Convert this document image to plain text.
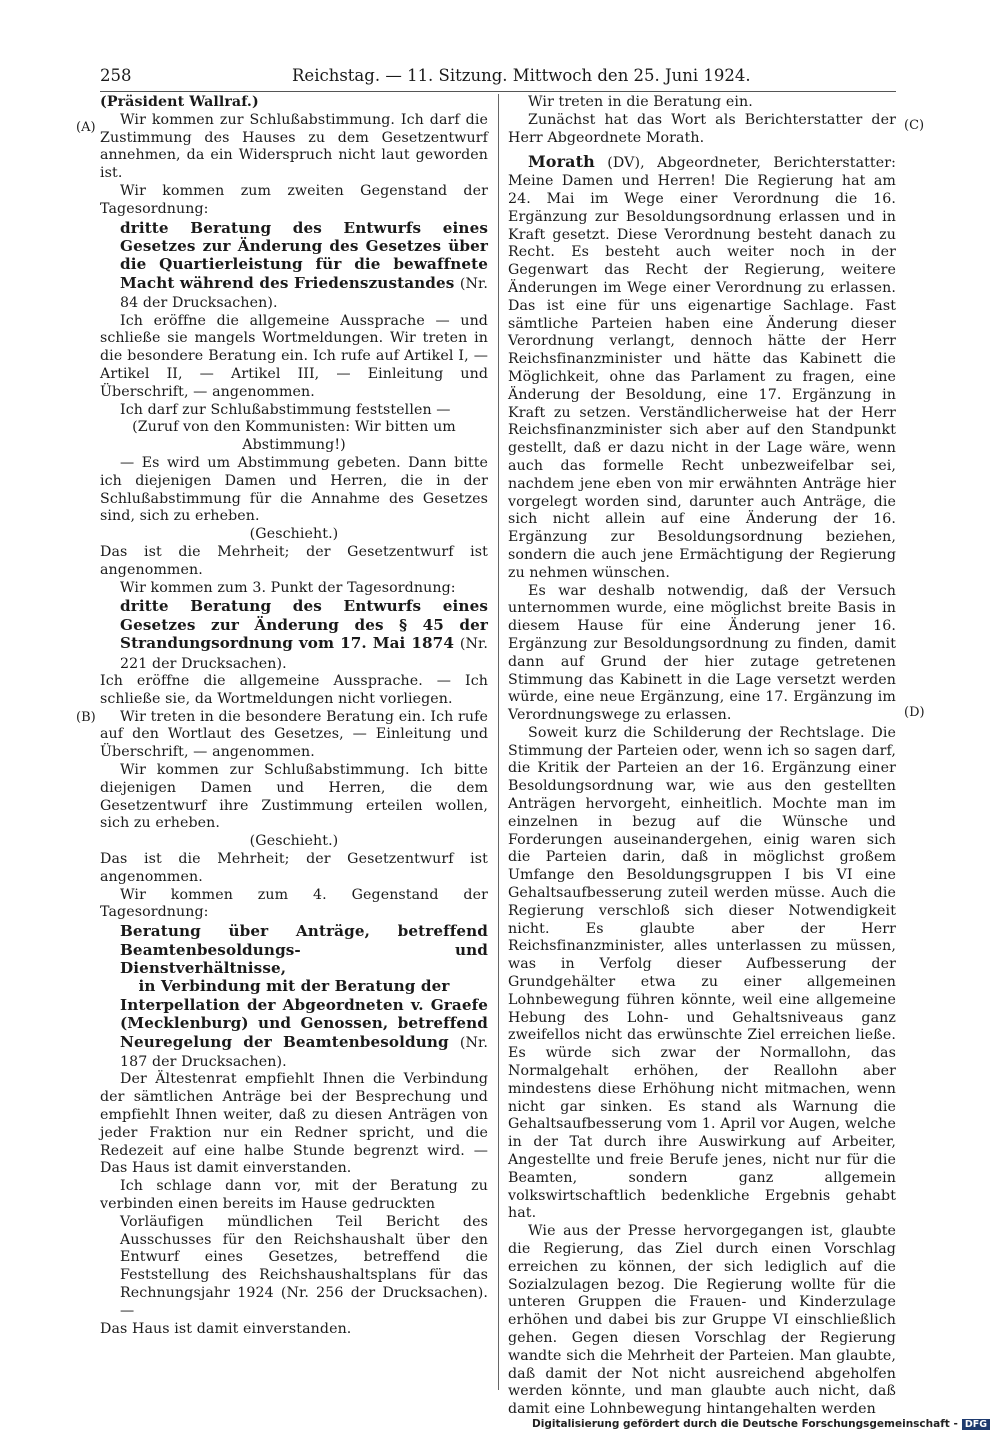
258	Reichstag. — 11. Sitzung. Mittwoch den 25. Juni 1924.
(A)
(B)
(C)
(D)

(Präsident Wallraf.)

Wir kommen zur Schlußabstimmung. Ich darf die Zustimmung des Hauses zu dem Gesetzentwurf annehmen, da ein Widerspruch nicht laut geworden ist.

Wir kommen zum zweiten Gegenstand der Tagesordnung:

dritte Beratung des Entwurfs eines Gesetzes zur Änderung des Gesetzes über die Quartierleistung für die bewaffnete Macht während des Friedenszustandes (Nr. 84 der Drucksachen).

Ich eröffne die allgemeine Aussprache — und schließe sie mangels Wortmeldungen. Wir treten in die besondere Beratung ein. Ich rufe auf Artikel I, — Artikel II, — Artikel III, — Einleitung und Überschrift, — angenommen.

Ich darf zur Schlußabstimmung feststellen —

(Zuruf von den Kommunisten: Wir bitten um Abstimmung!)

— Es wird um Abstimmung gebeten. Dann bitte ich diejenigen Damen und Herren, die in der Schlußabstimmung für die Annahme des Gesetzes sind, sich zu erheben.

(Geschieht.)

Das ist die Mehrheit; der Gesetzentwurf ist angenommen.

Wir kommen zum 3. Punkt der Tagesordnung:

dritte Beratung des Entwurfs eines Gesetzes zur Änderung des § 45 der Strandungsordnung vom 17. Mai 1874 (Nr. 221 der Drucksachen).

Ich eröffne die allgemeine Aussprache. — Ich schließe sie, da Wortmeldungen nicht vorliegen.

Wir treten in die besondere Beratung ein. Ich rufe auf den Wortlaut des Gesetzes, — Einleitung und Überschrift, — angenommen.

Wir kommen zur Schlußabstimmung. Ich bitte diejenigen Damen und Herren, die dem Gesetzentwurf ihre Zustimmung erteilen wollen, sich zu erheben.

(Geschieht.)

Das ist die Mehrheit; der Gesetzentwurf ist angenommen.

Wir kommen zum 4. Gegenstand der Tagesordnung:

Beratung über Anträge, betreffend Beamtenbesoldungs- und Dienstverhältnisse,

in Verbindung mit der Beratung der

Interpellation der Abgeordneten v. Graefe (Mecklenburg) und Genossen, betreffend Neuregelung der Beamtenbesoldung (Nr. 187 der Drucksachen).

Der Ältestenrat empfiehlt Ihnen die Verbindung der sämtlichen Anträge bei der Besprechung und empfiehlt Ihnen weiter, daß zu diesen Anträgen von jeder Fraktion nur ein Redner spricht, und die Redezeit auf eine halbe Stunde begrenzt wird. — Das Haus ist damit einverstanden.

Ich schlage dann vor, mit der Beratung zu verbinden einen bereits im Hause gedruckten

Vorläufigen mündlichen Teil Bericht des Ausschusses für den Reichshaushalt über den Entwurf eines Gesetzes, betreffend die Feststellung des Reichshaushaltsplans für das Rechnungsjahr 1924 (Nr. 256 der Drucksachen). —

Das Haus ist damit einverstanden.

Wir treten in die Beratung ein.

Zunächst hat das Wort als Berichterstatter der Herr Abgeordnete Morath.

Morath (DV), Abgeordneter, Berichterstatter: Meine Damen und Herren! Die Regierung hat am 24. Mai im Wege einer Verordnung die 16. Ergänzung zur Besoldungsordnung erlassen und in Kraft gesetzt. Diese Verordnung besteht danach zu Recht. Es besteht auch weiter noch in der Gegenwart das Recht der Regierung, weitere Änderungen im Wege einer Verordnung zu erlassen. Das ist eine für uns eigenartige Sachlage. Fast sämtliche Parteien haben eine Änderung dieser Verordnung verlangt, dennoch hätte der Herr Reichsfinanzminister und hätte das Kabinett die Möglichkeit, ohne das Parlament zu fragen, eine Änderung der Besoldung, eine 17. Ergänzung in Kraft zu setzen. Verständlicherweise hat der Herr Reichsfinanzminister sich aber auf den Standpunkt gestellt, daß er dazu nicht in der Lage wäre, wenn auch das formelle Recht unbezweifelbar sei, nachdem jene eben von mir erwähnten Anträge hier vorgelegt worden sind, darunter auch Anträge, die sich nicht allein auf eine Änderung der 16. Ergänzung zur Besoldungsordnung beziehen, sondern die auch jene Ermächtigung der Regierung zu nehmen wünschen.

Es war deshalb notwendig, daß der Versuch unternommen wurde, eine möglichst breite Basis in diesem Hause für eine Änderung jener 16. Ergänzung zur Besoldungsordnung zu finden, damit dann auf Grund der hier zutage getretenen Stimmung das Kabinett in die Lage versetzt werden würde, eine neue Ergänzung, eine 17. Ergänzung im Verordnungswege zu erlassen.

Soweit kurz die Schilderung der Rechtslage. Die Stimmung der Parteien oder, wenn ich so sagen darf, die Kritik der Parteien an der 16. Ergänzung einer Besoldungsordnung war, wie aus den gestellten Anträgen hervorgeht, einheitlich. Mochte man im einzelnen in bezug auf die Wünsche und Forderungen auseinandergehen, einig waren sich die Parteien darin, daß in möglichst großem Umfange den Besoldungsgruppen I bis VI eine Gehaltsaufbesserung zuteil werden müsse. Auch die Regierung verschloß sich dieser Notwendigkeit nicht. Es glaubte aber der Herr Reichsfinanzminister, alles unterlassen zu müssen, was in Verfolg dieser Aufbesserung der Grundgehälter etwa zu einer allgemeinen Lohnbewegung führen könnte, weil eine allgemeine Hebung des Lohn- und Gehaltsniveaus ganz zweifellos nicht das erwünschte Ziel erreichen ließe. Es würde sich zwar der Normallohn, das Normalgehalt erhöhen, der Reallohn aber mindestens diese Erhöhung nicht mitmachen, wenn nicht gar sinken. Es stand als Warnung die Gehaltsaufbesserung vom 1. April vor Augen, welche in der Tat durch ihre Auswirkung auf Arbeiter, Angestellte und freie Berufe jenes, nicht nur für die Beamten, sondern ganz allgemein volkswirtschaftlich bedenkliche Ergebnis gehabt hat.

Wie aus der Presse hervorgegangen ist, glaubte die Regierung, das Ziel durch einen Vorschlag erreichen zu können, der sich lediglich auf die Sozialzulagen bezog. Die Regierung wollte für die unteren Gruppen die Frauen- und Kinderzulage erhöhen und dabei bis zur Gruppe VI einschließlich gehen. Gegen diesen Vorschlag der Regierung wandte sich die Mehrheit der Parteien. Man glaubte, daß damit der Not nicht ausreichend abgeholfen werden könnte, und man glaubte auch nicht, daß damit eine Lohnbewegung hintangehalten werden

Digitalisierung gefördert durch die Deutsche Forschungsgemeinschaft - DFG
